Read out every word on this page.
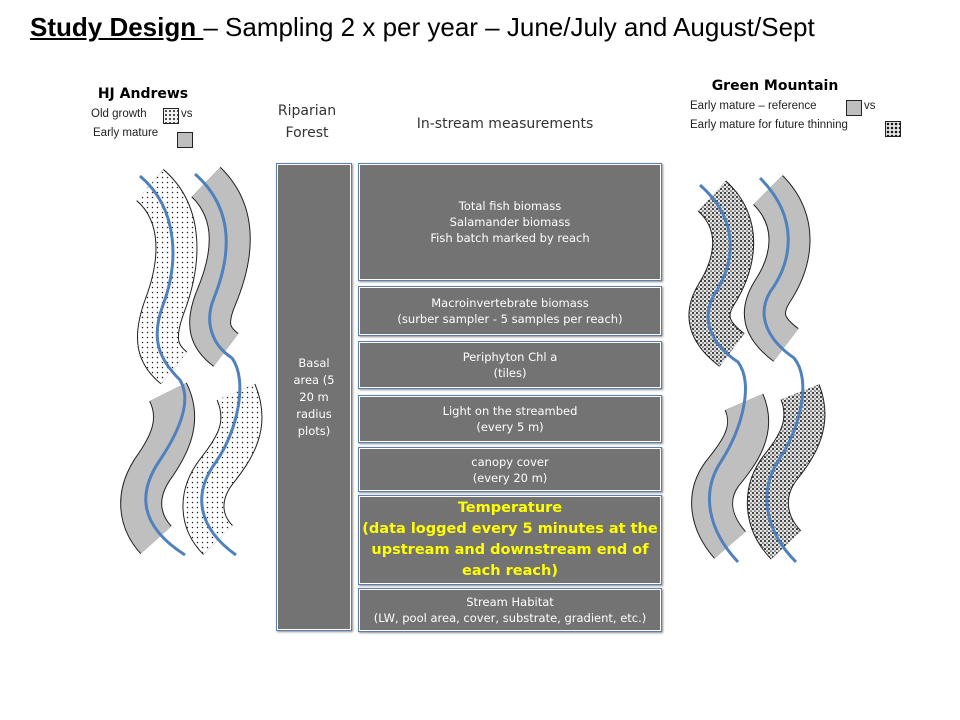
Study Design – Sampling 2 x per year – June/July and August/Sept
HJ Andrews
Old growth	vs
Early mature
Riparian
Forest
In-stream measurements
Green Mountain
Early mature – reference	vs
Early mature for future thinning
Basal
area (5
20 m
radius
plots)
Total fish biomass
Salamander biomass
Fish batch marked by reach
Macroinvertebrate biomass
(surber sampler - 5 samples per reach)
Periphyton Chl a
(tiles)
Light on the streambed
(every 5 m)
canopy cover
(every 20 m)
Temperature
(data logged every 5 minutes at the
upstream and downstream end of
each reach)
Stream Habitat
(LW, pool area, cover, substrate, gradient, etc.)
